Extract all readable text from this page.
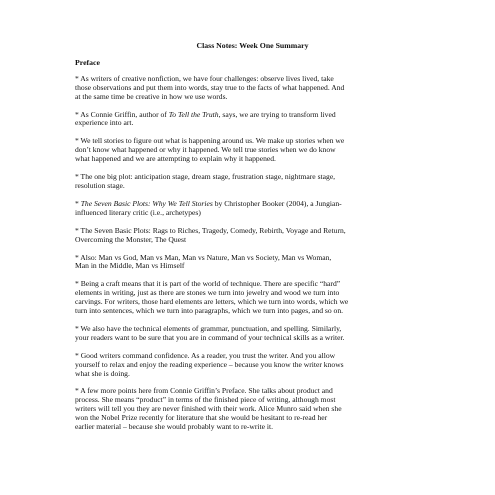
Class Notes: Week One Summary
Preface

* As writers of creative nonfiction, we have four challenges: observe lives lived, take
those observations and put them into words, stay true to the facts of what happened. And
at the same time be creative in how we use words.

* As Connie Griffin, author of To Tell the Truth, says, we are trying to transform lived
experience into art.

* We tell stories to figure out what is happening around us. We make up stories when we
don’t know what happened or why it happened. We tell true stories when we do know
what happened and we are attempting to explain why it happened.

* The one big plot: anticipation stage, dream stage, frustration stage, nightmare stage,
resolution stage.

* The Seven Basic Plots: Why We Tell Stories by Christopher Booker (2004), a Jungian-
influenced literary critic (i.e., archetypes)

* The Seven Basic Plots: Rags to Riches, Tragedy, Comedy, Rebirth, Voyage and Return,
Overcoming the Monster, The Quest

* Also: Man vs God, Man vs Man, Man vs Nature, Man vs Society, Man vs Woman,
Man in the Middle, Man vs Himself

* Being a craft means that it is part of the world of technique. There are specific “hard”
elements in writing, just as there are stones we turn into jewelry and wood we turn into
carvings. For writers, those hard elements are letters, which we turn into words, which we
turn into sentences, which we turn into paragraphs, which we turn into pages, and so on.

* We also have the technical elements of grammar, punctuation, and spelling. Similarly,
your readers want to be sure that you are in command of your technical skills as a writer.

* Good writers command confidence. As a reader, you trust the writer. And you allow
yourself to relax and enjoy the reading experience – because you know the writer knows
what she is doing.

* A few more points here from Connie Griffin’s Preface. She talks about product and
process. She means “product” in terms of the finished piece of writing, although most
writers will tell you they are never finished with their work. Alice Munro said when she
won the Nobel Prize recently for literature that she would be hesitant to re-read her
earlier material – because she would probably want to re-write it.
